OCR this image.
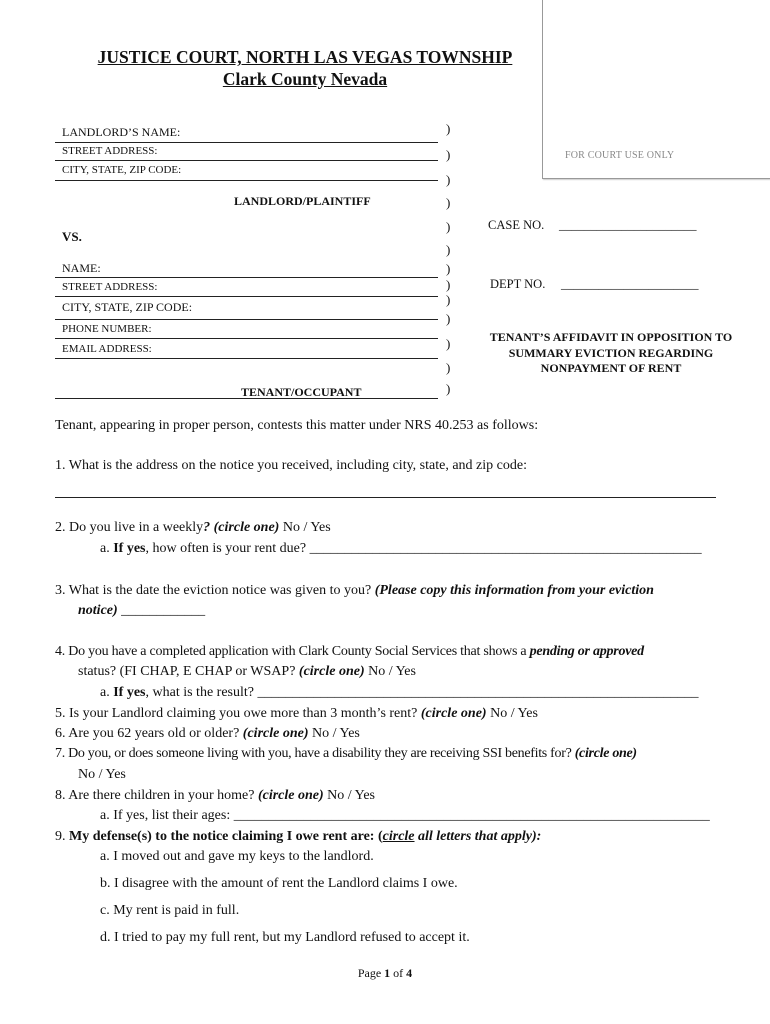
FOR COURT USE ONLY
JUSTICE COURT, NORTH LAS VEGAS TOWNSHIP
Clark County Nevada
LANDLORD’S NAME:
STREET ADDRESS:
CITY, STATE, ZIP CODE:
LANDLORD/PLAINTIFF
VS.
NAME:
STREET ADDRESS:
CITY, STATE, ZIP CODE:
PHONE NUMBER:
EMAIL ADDRESS:
TENANT/OCCUPANT
)
)
)
)
)
)
)
)
)
)
)
)
)
CASE NO. ______________________
DEPT NO. ______________________
TENANT’S AFFIDAVIT IN OPPOSITION TO SUMMARY EVICTION REGARDING NONPAYMENT OF RENT
Tenant, appearing in proper person, contests this matter under NRS 40.253 as follows:
1. What is the address on the notice you received, including city, state, and zip code:
2. Do you live in a weekly? (circle one) No / Yes
a. If yes, how often is your rent due? ________________________________________________________
3. What is the date the eviction notice was given to you? (Please copy this information from your eviction
notice) ____________
4. Do you have a completed application with Clark County Social Services that shows a pending or approved
status? (FI CHAP, E CHAP or WSAP? (circle one) No / Yes
a. If yes, what is the result? _______________________________________________________________
5. Is your Landlord claiming you owe more than 3 month’s rent? (circle one) No / Yes
6. Are you 62 years old or older? (circle one) No / Yes
7. Do you, or does someone living with you, have a disability they are receiving SSI benefits for? (circle one)
No / Yes
8. Are there children in your home? (circle one) No / Yes
a. If yes, list their ages: ____________________________________________________________________
9. My defense(s) to the notice claiming I owe rent are: (circle all letters that apply):
a. I moved out and gave my keys to the landlord.
b. I disagree with the amount of rent the Landlord claims I owe.
c. My rent is paid in full.
d. I tried to pay my full rent, but my Landlord refused to accept it.
Page 1 of 4
